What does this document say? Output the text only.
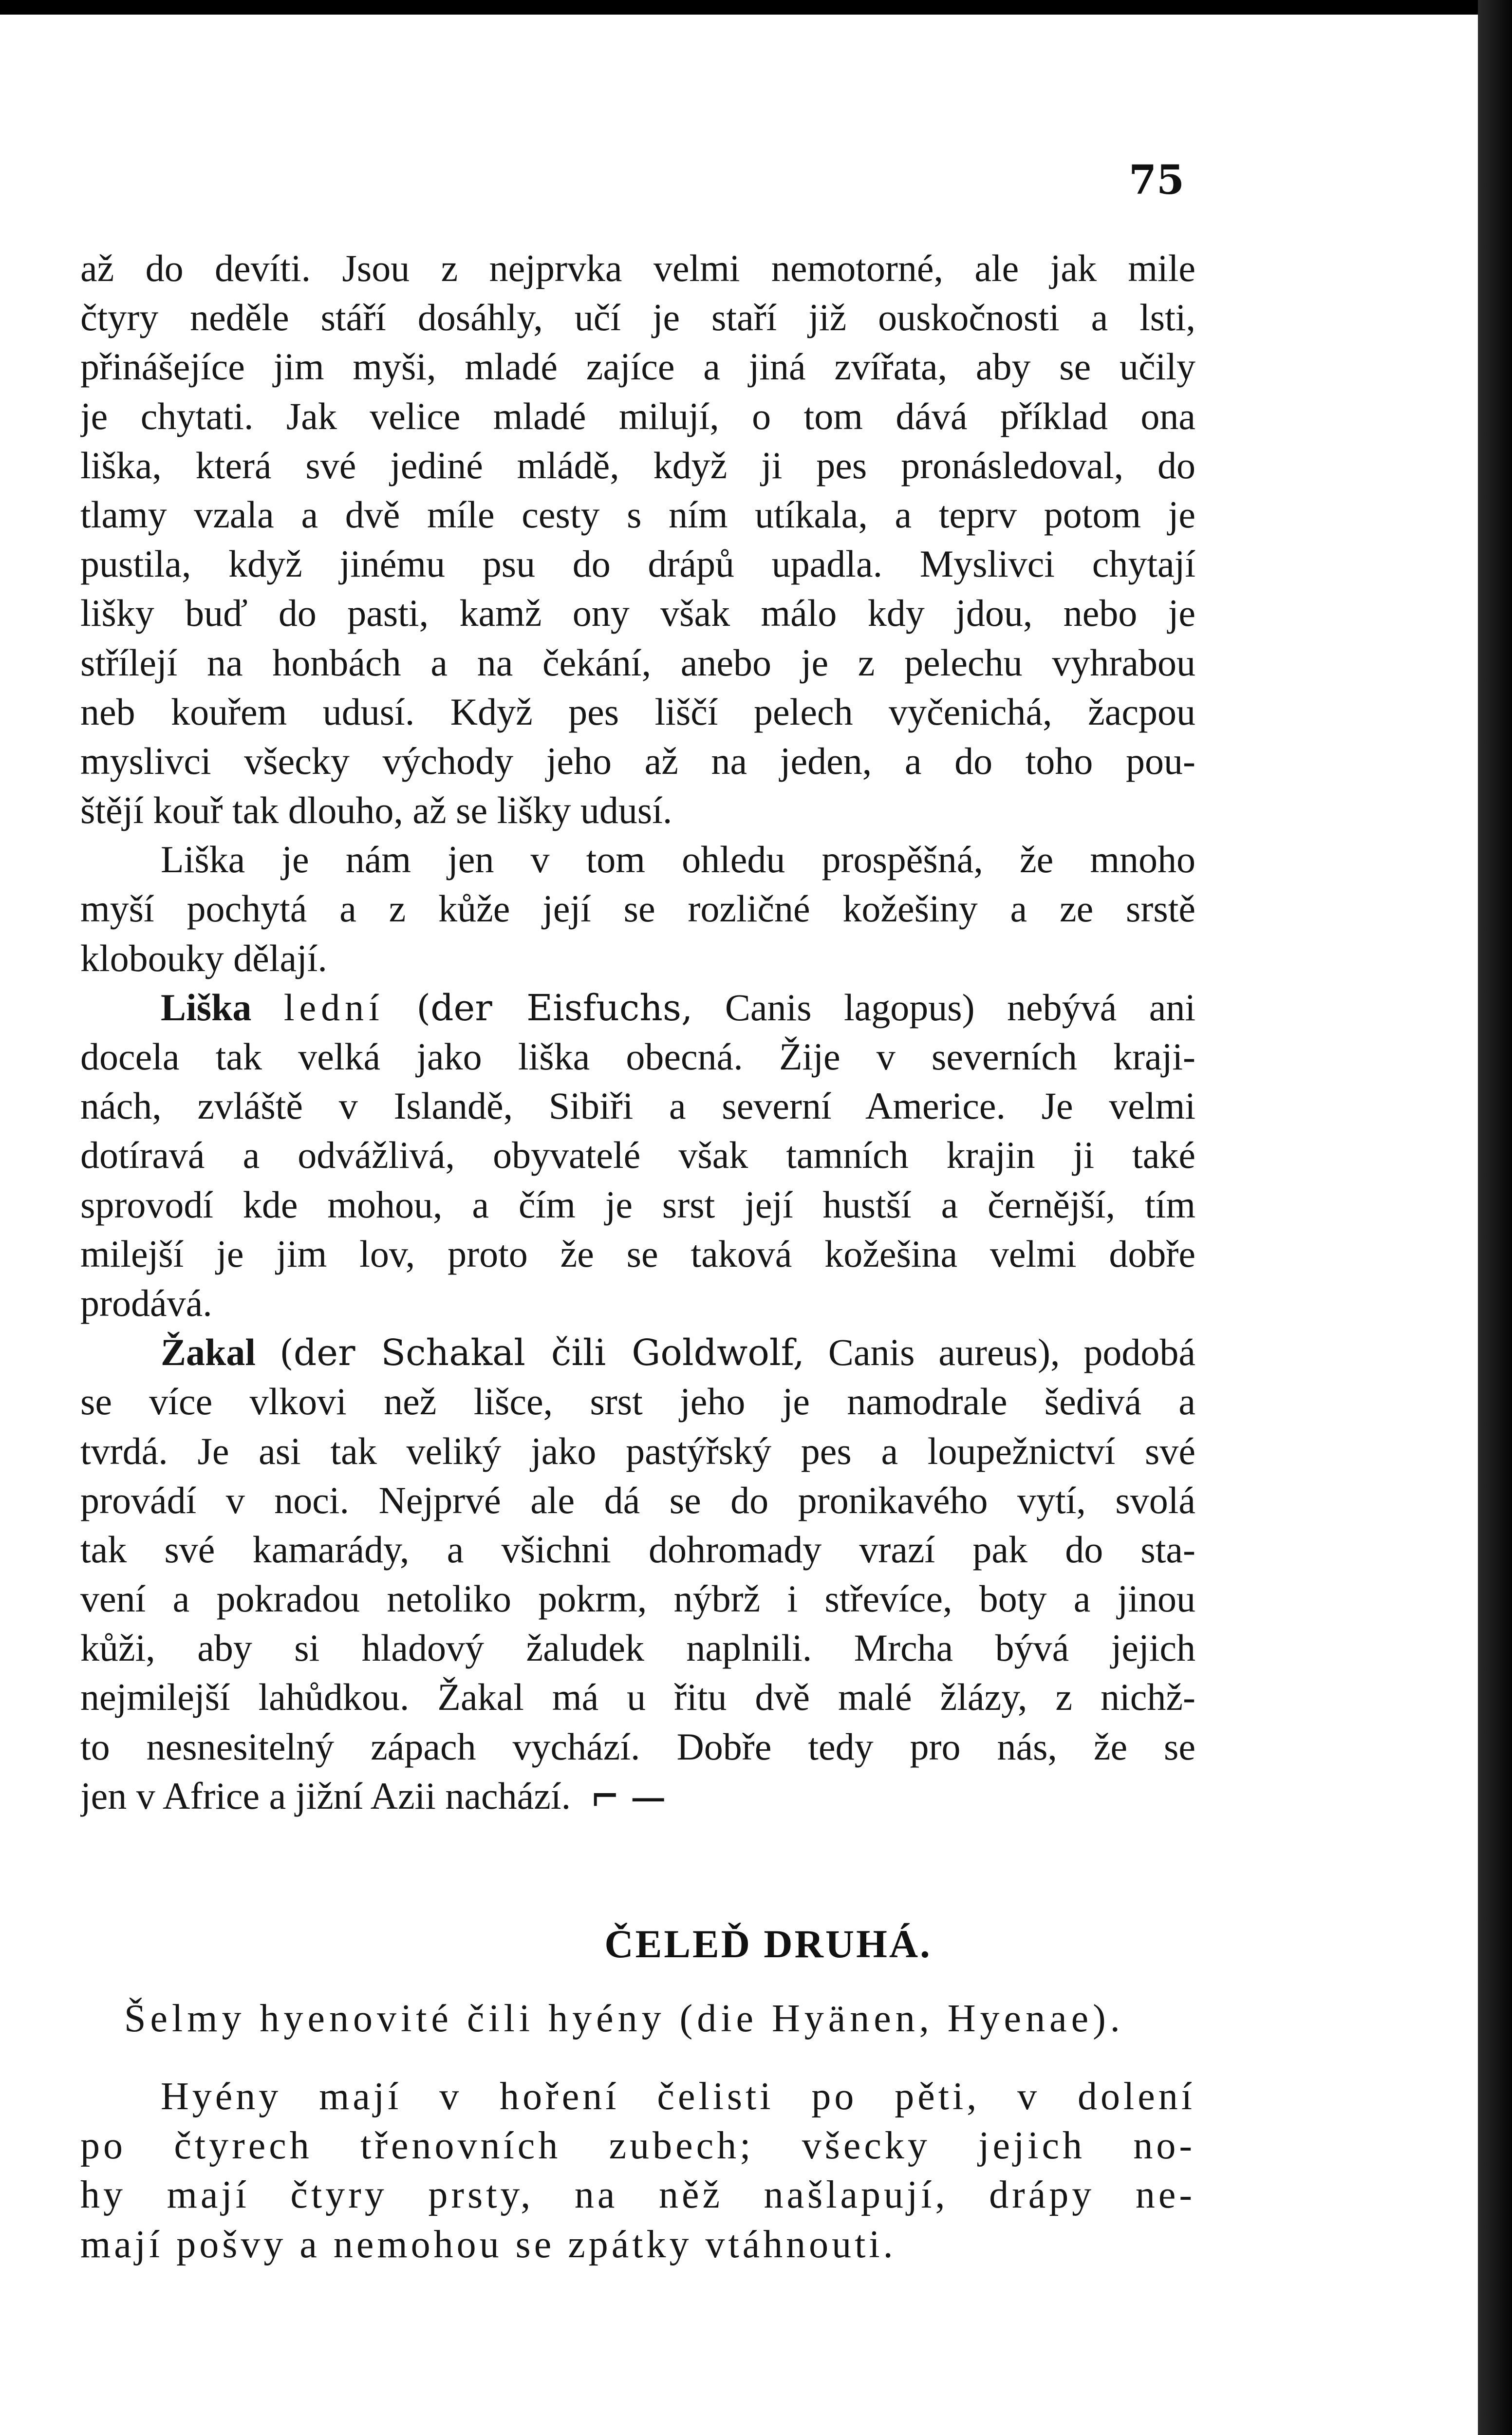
75
až do devíti. Jsou z nejprvka velmi nemotorné, ale jak mile
čtyry neděle stáří dosáhly, učí je staří již ouskočnosti a lsti,
přinášejíce jim myši, mladé zajíce a jiná zvířata, aby se učily
je chytati. Jak velice mladé milují, o tom dává příklad ona
liška, která své jediné mládě, když ji pes pronásledoval, do
tlamy vzala a dvě míle cesty s ním utíkala, a teprv potom je
pustila, když jinému psu do drápů upadla. Myslivci chytají
lišky buď do pasti, kamž ony však málo kdy jdou, nebo je
střílejí na honbách a na čekání, anebo je z pelechu vyhrabou
neb kouřem udusí. Když pes liščí pelech vyčenichá, žacpou
myslivci všecky východy jeho až na jeden, a do toho pou-
štějí kouř tak dlouho, až se lišky udusí.
Liška je nám jen v tom ohledu prospěšná, že mnoho
myší pochytá a z kůže její se rozličné kožešiny a ze srstě
klobouky dělají.
Liška lední (der Eisfuchs, Canis lagopus) nebývá ani
docela tak velká jako liška obecná. Žije v severních kraji-
nách, zvláště v Islandě, Sibiři a severní Americe. Je velmi
dotíravá a odvážlivá, obyvatelé však tamních krajin ji také
sprovodí kde mohou, a čím je srst její hustší a černější, tím
milejší je jim lov, proto že se taková kožešina velmi dobře
prodává.
Žakal (der Schakal čili Goldwolf, Canis aureus), podobá
se více vlkovi než lišce, srst jeho je namodrale šedivá a
tvrdá. Je asi tak veliký jako pastýřský pes a loupežnictví své
provádí v noci. Nejprvé ale dá se do pronikavého vytí, svolá
tak své kamarády, a všichni dohromady vrazí pak do sta-
vení a pokradou netoliko pokrm, nýbrž i střevíce, boty a jinou
kůži, aby si hladový žaludek naplnili. Mrcha bývá jejich
nejmilejší lahůdkou. Žakal má u řitu dvě malé žlázy, z nichž-
to nesnesitelný zápach vychází. Dobře tedy pro nás, že se
jen v Africe a jižní Azii nachází. ⌐ —
ČELEĎ DRUHÁ.
Šelmy hyenovité čili hyény (die Hyänen, Hyenae).
Hyény mají v hoření čelisti po pěti, v dolení
po čtyrech třenovních zubech; všecky jejich no-
hy mají čtyry prsty, na něž našlapují, drápy ne-
mají pošvy a nemohou se zpátky vtáhnouti.
